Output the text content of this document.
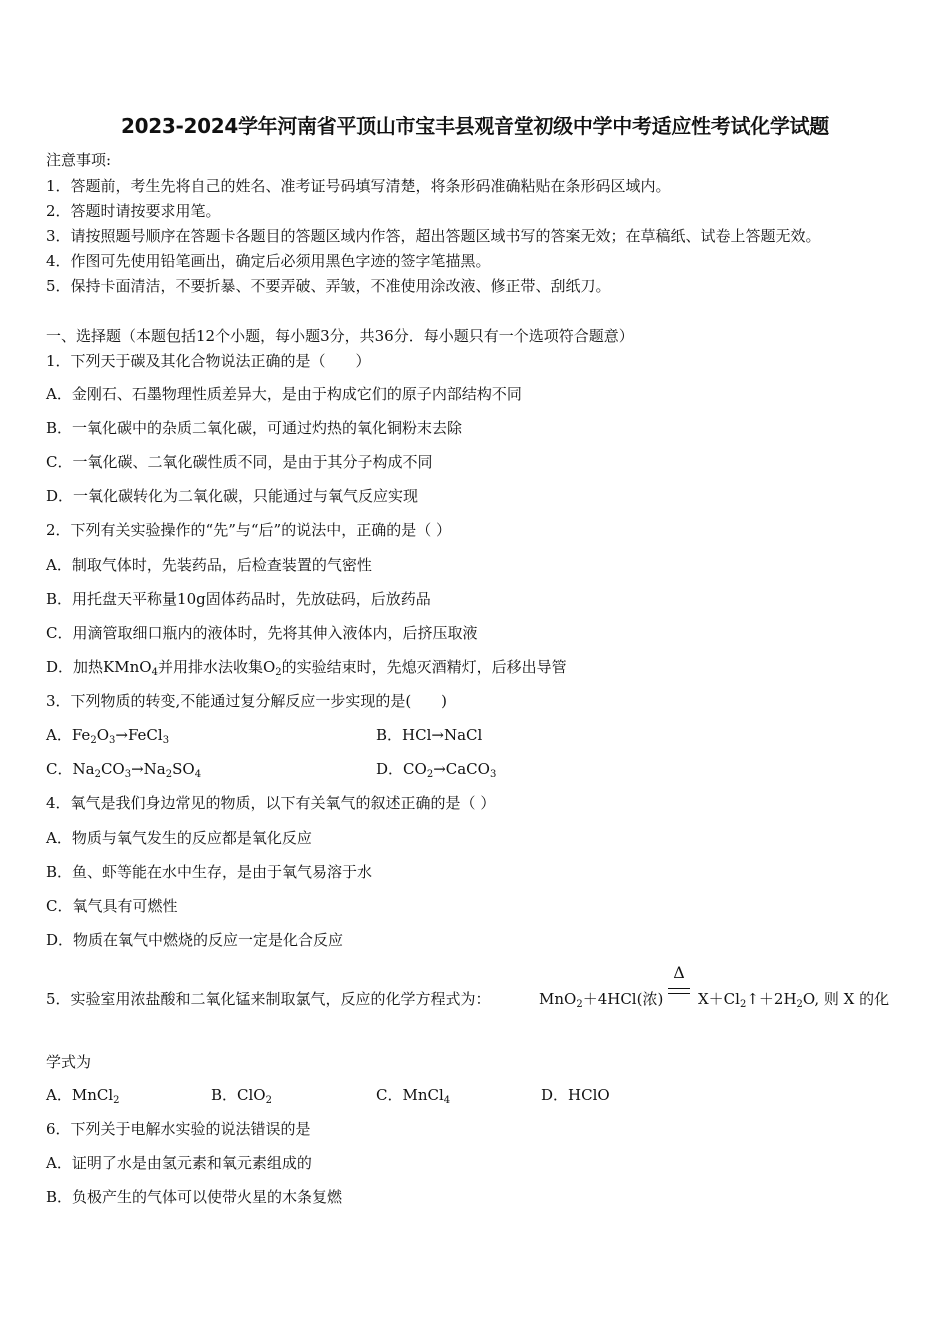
2023-2024学年河南省平顶山市宝丰县观音堂初级中学中考适应性考试化学试题
注意事项:
1．答题前，考生先将自己的姓名、准考证号码填写清楚，将条形码准确粘贴在条形码区域内。
2．答题时请按要求用笔。
3．请按照题号顺序在答题卡各题目的答题区域内作答，超出答题区域书写的答案无效；在草稿纸、试卷上答题无效。
4．作图可先使用铅笔画出，确定后必须用黑色字迹的签字笔描黑。
5．保持卡面清洁，不要折暴、不要弄破、弄皱，不准使用涂改液、修正带、刮纸刀。
一、选择题（本题包括12个小题，每小题3分，共36分．每小题只有一个选项符合题意）
1．下列天于碳及其化合物说法正确的是（　　）
A．金刚石、石墨物理性质差异大，是由于构成它们的原子内部结构不同
B．一氧化碳中的杂质二氧化碳，可通过灼热的氧化铜粉末去除
C．一氧化碳、二氧化碳性质不同，是由于其分子构成不同
D．一氧化碳转化为二氧化碳，只能通过与氧气反应实现
2．下列有关实验操作的“先”与“后”的说法中，正确的是（ ）
A．制取气体时，先装药品，后检查装置的气密性
B．用托盘天平称量10g固体药品时，先放砝码，后放药品
C．用滴管取细口瓶内的液体时，先将其伸入液体内，后挤压取液
D．加热KMnO$_4$并用排水法收集$O_2$的实验结束时，先熄灭酒精灯，后移出导管
3．下列物质的转变,不能通过复分解反应一步实现的是(　　)
A．$Fe_2O_3\to FeCl_3$	B．HCl→NaCl
C．$Na_2CO_3\to Na_2SO_4$	D．$CO_2\to CaCO_3$
4．氧气是我们身边常见的物质，以下有关氧气的叙述正确的是（ ）
A．物质与氧气发生的反应都是氧化反应
B．鱼、虾等能在水中生存，是由于氧气易溶于水
C．氧气具有可燃性
D．物质在氧气中燃烧的反应一定是化合反应
5．实验室用浓盐酸和二氧化锰来制取氯气，反应的化学方程式为：	MnO$_2$＋4HCl(浓)
Δ
$X+Cl_2↑+2H_2O$, 则 X 的化
学式为
A．MnCl$_2$	B．ClO$_2$	C．MnCl$_4$	D．HClO
6．下列关于电解水实验的说法错误的是
A．证明了水是由氢元素和氧元素组成的
B．负极产生的气体可以使带火星的木条复燃
